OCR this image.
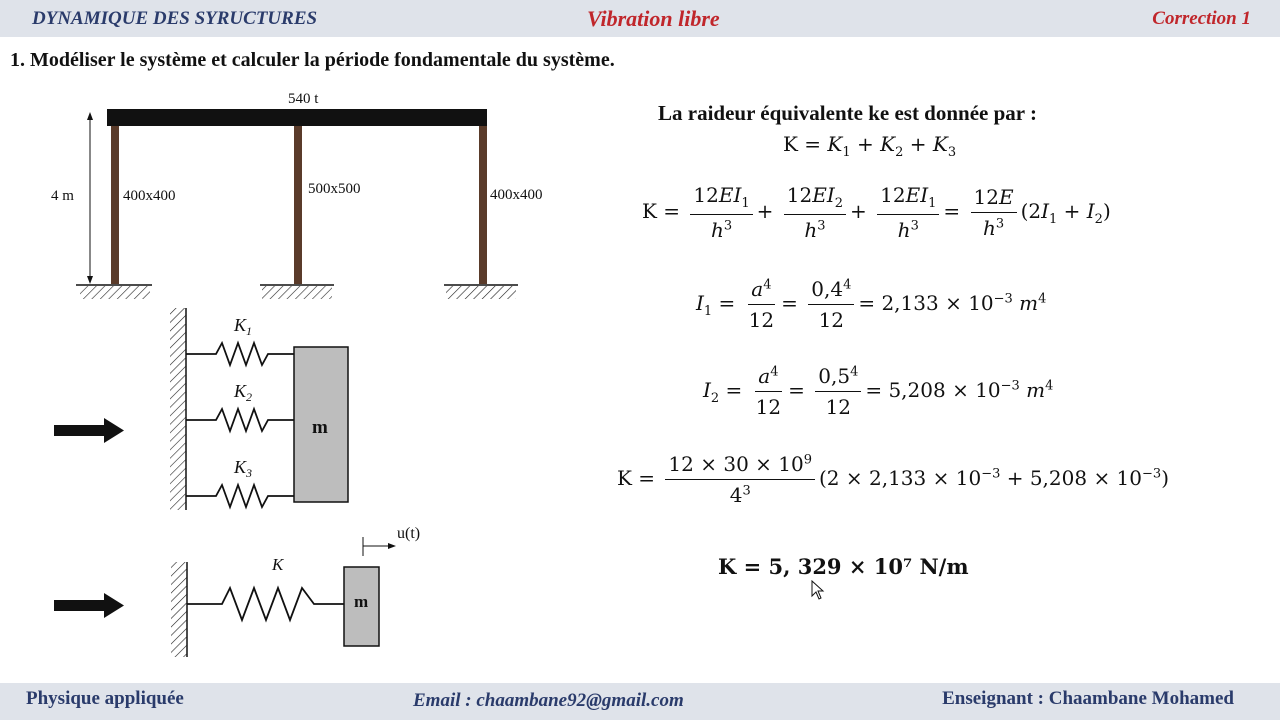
DYNAMIQUE DES SYRUCTURES	Vibration libre	Correction 1
1. Modéliser le système et calculer la période fondamentale du système.
540 t
4 m	400x400	500x500	400x400
$K_1$
$K_2$
$K_3$
m
K
m
u(t)
La raideur équivalente ke est donnée par :
$K = K_1 + K_2 + K_3$
$K = \frac{12EI_1}{h^3} + \frac{12EI_2}{h^3} + \frac{12EI_1}{h^3} = \frac{12E}{h^3} (2I_1 + I_2)$
$I_1 = \frac{a^4}{12} = \frac{0,4^4}{12} = 2,133 \times 10^{-3}$ $m^4$
$I_2 = \frac{a^4}{12} = \frac{0,5^4}{12} = 5,208 \times 10^{-3}$ $m^4$
$K = \frac{12 \times 30 \times 10^9}{4^3} (2 \times 2,133 \times 10^{-3} + 5,208 \times 10^{-3})$
K = 5, 329 × 10⁷ N/m
Physique appliquée	Email : chaambane92@gmail.com	Enseignant : Chaambane Mohamed
